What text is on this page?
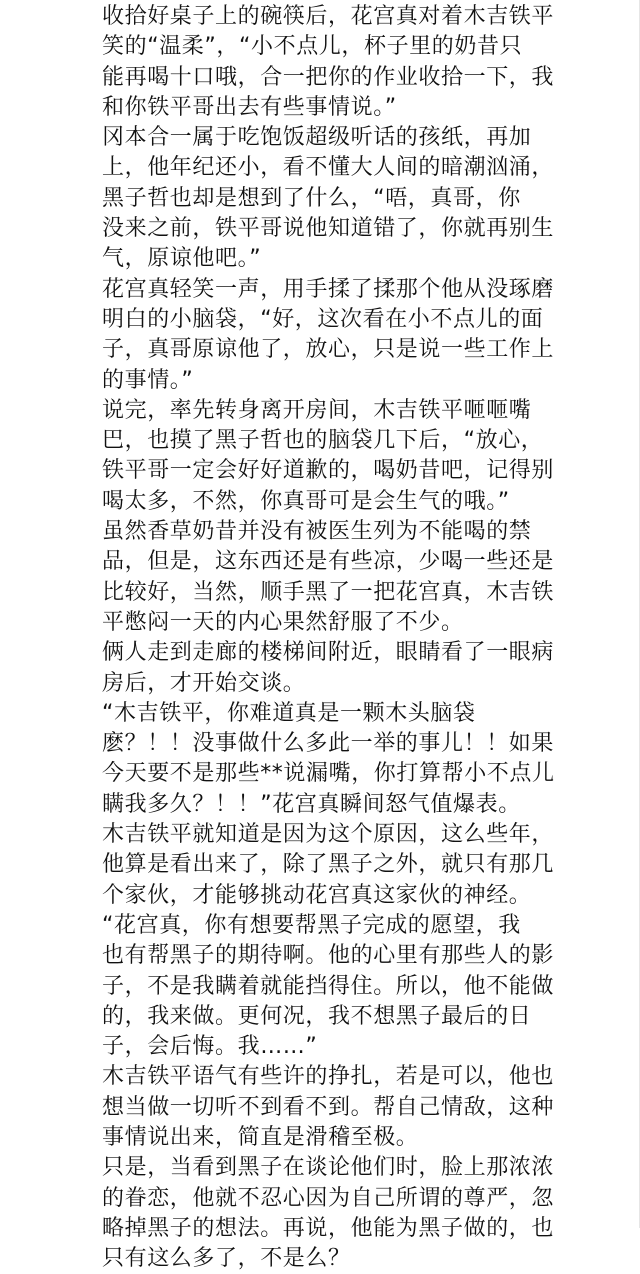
收拾好桌子上的碗筷后，花宫真对着木吉铁平
笑的“温柔”，“小不点儿，杯子里的奶昔只
能再喝十口哦，合一把你的作业收拾一下，我
和你铁平哥出去有些事情说。”
冈本合一属于吃饱饭超级听话的孩纸，再加
上，他年纪还小，看不懂大人间的暗潮汹涌，
黑子哲也却是想到了什么，“唔，真哥，你
没来之前，铁平哥说他知道错了，你就再别生
气，原谅他吧。”
花宫真轻笑一声，用手揉了揉那个他从没琢磨
明白的小脑袋，“好，这次看在小不点儿的面
子，真哥原谅他了，放心，只是说一些工作上
的事情。”
说完，率先转身离开房间，木吉铁平咂咂嘴
巴，也摸了黑子哲也的脑袋几下后，“放心，
铁平哥一定会好好道歉的，喝奶昔吧，记得别
喝太多，不然，你真哥可是会生气的哦。”
虽然香草奶昔并没有被医生列为不能喝的禁
品，但是，这东西还是有些凉，少喝一些还是
比较好，当然，顺手黑了一把花宫真，木吉铁
平憋闷一天的内心果然舒服了不少。
俩人走到走廊的楼梯间附近，眼睛看了一眼病
房后，才开始交谈。
“木吉铁平，你难道真是一颗木头脑袋
麽？！！没事做什么多此一举的事儿！！如果
今天要不是那些**说漏嘴，你打算帮小不点儿
瞒我多久？！！”花宫真瞬间怒气值爆表。
木吉铁平就知道是因为这个原因，这么些年，
他算是看出来了，除了黑子之外，就只有那几
个家伙，才能够挑动花宫真这家伙的神经。
“花宫真，你有想要帮黑子完成的愿望，我
也有帮黑子的期待啊。他的心里有那些人的影
子，不是我瞒着就能挡得住。所以，他不能做
的，我来做。更何况，我不想黑子最后的日
子，会后悔。我……”
木吉铁平语气有些许的挣扎，若是可以，他也
想当做一切听不到看不到。帮自己情敌，这种
事情说出来，简直是滑稽至极。
只是，当看到黑子在谈论他们时，脸上那浓浓
的眷恋，他就不忍心因为自己所谓的尊严，忽
略掉黑子的想法。再说，他能为黑子做的，也
只有这么多了，不是么？
